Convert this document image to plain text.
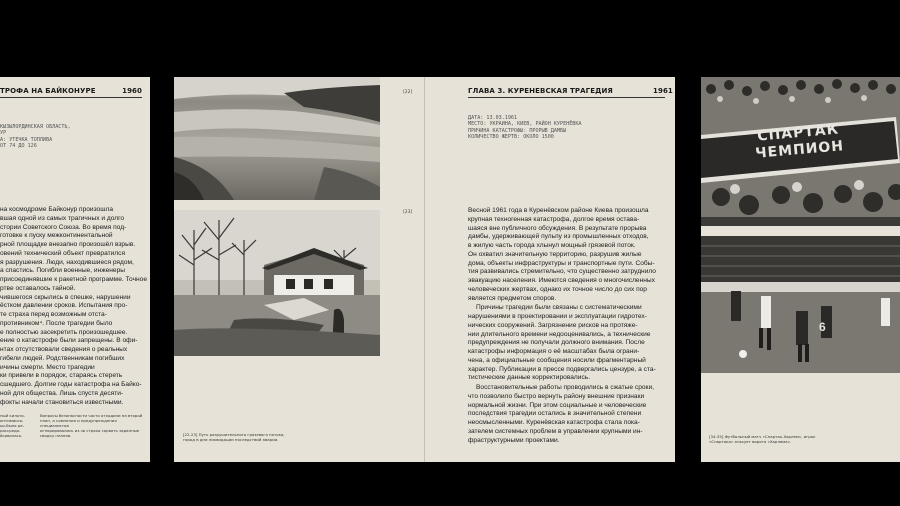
ТРОФА НА БАЙКОНУРЕ	1960
КЫЗЫЛОРДИНСКАЯ ОБЛАСТЬ,
УР
А: УТЕЧКА ТОПЛИВА
ОТ 74 ДО 126
на космодроме Байконур произошла
вшая одной из самых трагичных и долго
стории Советского Союза. Во время под-
готовке к пуску межконтинентальной
рной площадке внезапно произошёл взрыв.
овений технический объект превратился
я разрушения. Люди, находившиеся рядом,
а спастись. Погибли военные, инженеры
присоединявшие к ракетной программе. Точное
ртве оставалось тайной.
чившегося скрылись в спешке, нарушении
ёстком давлении сроков. Испытания про-
те страха перед возможным отста-
противником⁴. После трагедии было
е полностью засекретить произошедшее.
ение о катастрофе были запрещены. В офи-
нтах отсутствовали сведения о реальных
гибели людей. Родственникам погибших
ичины смерти. Место трагедии
ки привели в порядок, стараясь стереть
сшедшего. Долгие годы катастрофа на Байко-
ной для общества. Лишь спустя десяти-
фокты начали становиться известными.
ный кильто-
оптимиско-
кр-было ре-
рассредо-
йсрволась.
Вопросы безопасности часто отходили на второй
план, а сомнения и предупреждения специалистов
игнорировались из-за страха сорвать заданные
сводку планов.
[22]
[23]
[22-23] Путь разрушительного грязевого потока,
город в дни ликвидации последствий аварии.
ГЛАВА 3. КУРЕНЕВСКАЯ ТРАГЕДИЯ	1961
ДАТА: 13.03.1961
МЕСТО: УКРАИНА, КИЕВ, РАЙОН КУРЕНЁВКА
ПРИЧИНА КАТАСТРОФЫ: ПРОРЫВ ДАМБЫ
КОЛИЧЕСТВО ЖЕРТВ: ОКОЛО 1500
Весной 1961 года в Куренёвском районе Киева произошла
крупная техногенная катастрофа, долгое время остава-
шаяся вне публичного обсуждения. В результате прорыва
дамбы, удерживающей пульпу из промышленных отходов,
в жилую часть города хлынул мощный грязевой поток.
Он охватил значительную территорию, разрушив жилые
дома, объекты инфраструктуры и транспортные пути. Собы-
тия развивались стремительно, что существенно затруднило
эвакуацию населения. Имеются сведения о многочисленных
человеческих жертвах, однако их точное число до сих пор
является предметом споров.
Причины трагедии были связаны с систематическими
нарушениями в проектировании и эксплуатации гидротех-
нических сооружений. Загрязнение рисков на протяже-
нии длительного времени недооценивались, а технические
предупреждения не получали должного внимания. После
катастрофы информация о её масштабах была ограни-
чена, а официальные сообщения носили фрагментарный
характер. Публикации в прессе подвергались цензуре, а ста-
тистические данные корректировались.
Восстановительные работы проводились в сжатые сроки,
что позволило быстро вернуть району внешние признаки
нормальной жизни. При этом социальные и человеческие
последствия трагедии остались в значительной степени
неосмысленными. Куренёвская катастрофа стала пока-
зателем системных проблем в управлении крупными ин-
фраструктурными проектами.
СПАРТАК
ЧЕМПИОН
6
[34-35] Футбольный матч «Спартак-Харлем», игрок
«Спартака» атакует ворота «Харлема».
